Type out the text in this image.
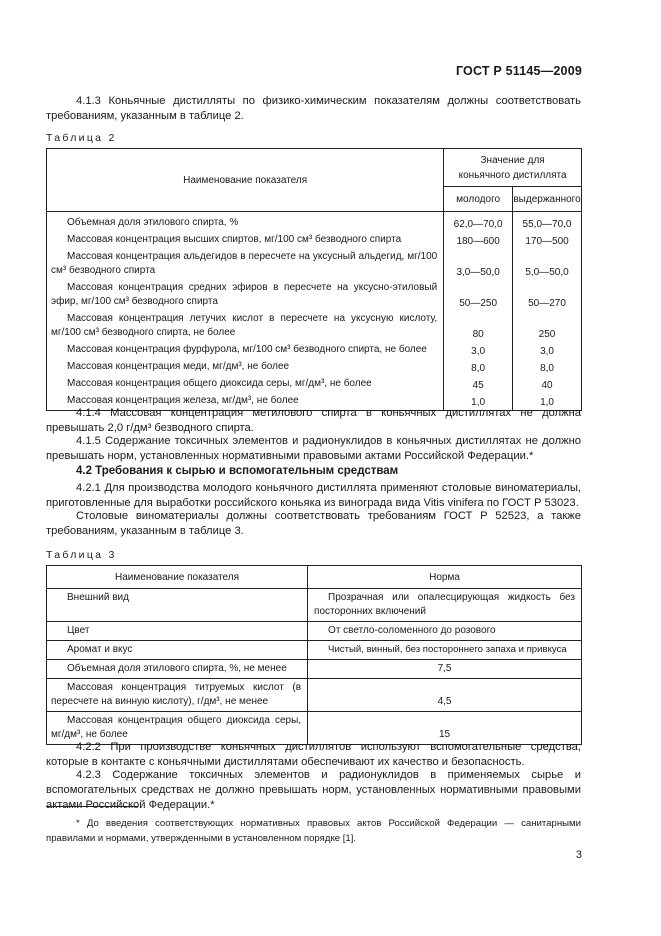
ГОСТ Р 51145—2009
4.1.3 Коньячные дистилляты по физико-химическим показателям должны соответствовать требованиям, указанным в таблице 2.
Таблица 2
Наименование показателя	Значение для коньячного дистиллята	
	молодого	выдержанного
Объемная доля этилового спирта, %	62,0—70,0	55,0—70,0
Массовая концентрация высших спиртов, мг/100 см³ безводного спирта	180—600	170—500
Массовая концентрация альдегидов в пересчете на уксусный альдегид, мг/100 см³ безводного спирта	3,0—50,0	5,0—50,0
Массовая концентрация средних эфиров в пересчете на уксусно-этиловый эфир, мг/100 см³ безводного спирта	50—250	50—270
Массовая концентрация летучих кислот в пересчете на уксусную кислоту, мг/100 см³ безводного спирта, не более	80	250
Массовая концентрация фурфурола, мг/100 см³ безводного спирта, не более	3,0	3,0
Массовая концентрация меди, мг/дм³, не более	8,0	8,0
Массовая концентрация общего диоксида серы, мг/дм³, не более	45	40
Массовая концентрация железа, мг/дм³, не более	1,0	1,0
4.1.4 Массовая концентрация метилового спирта в коньячных дистиллятах не должна превышать 2,0 г/дм³ безводного спирта.
4.1.5 Содержание токсичных элементов и радионуклидов в коньячных дистиллятах не должно превышать норм, установленных нормативными правовыми актами Российской Федерации.*
4.2 Требования к сырью и вспомогательным средствам
4.2.1 Для производства молодого коньячного дистиллята применяют столовые виноматериалы, приготовленные для выработки российского коньяка из винограда вида Vitis vinifera по ГОСТ Р 53023.
Столовые виноматериалы должны соответствовать требованиям ГОСТ Р 52523, а также требованиям, указанным в таблице 3.
Таблица 3
Наименование показателя	Норма
Внешний вид	Прозрачная или опалесцирующая жидкость без посторонних включений
Цвет	От светло-соломенного до розового
Аромат и вкус	Чистый, винный, без постороннего запаха и привкуса
Объемная доля этилового спирта, %, не менее	7,5
Массовая концентрация титруемых кислот (в пересчете на винную кислоту), г/дм³, не менее	4,5
Массовая концентрация общего диоксида серы, мг/дм³, не более	15
4.2.2 При производстве коньячных дистиллятов используют вспомогательные средства, которые в контакте с коньячными дистиллятами обеспечивают их качество и безопасность.
4.2.3 Содержание токсичных элементов и радионуклидов в применяемых сырье и вспомогательных средствах не должно превышать норм, установленных нормативными правовыми актами Российской Федерации.*
* До введения соответствующих нормативных правовых актов Российской Федерации — санитарными правилами и нормами, утвержденными в установленном порядке [1].
3
